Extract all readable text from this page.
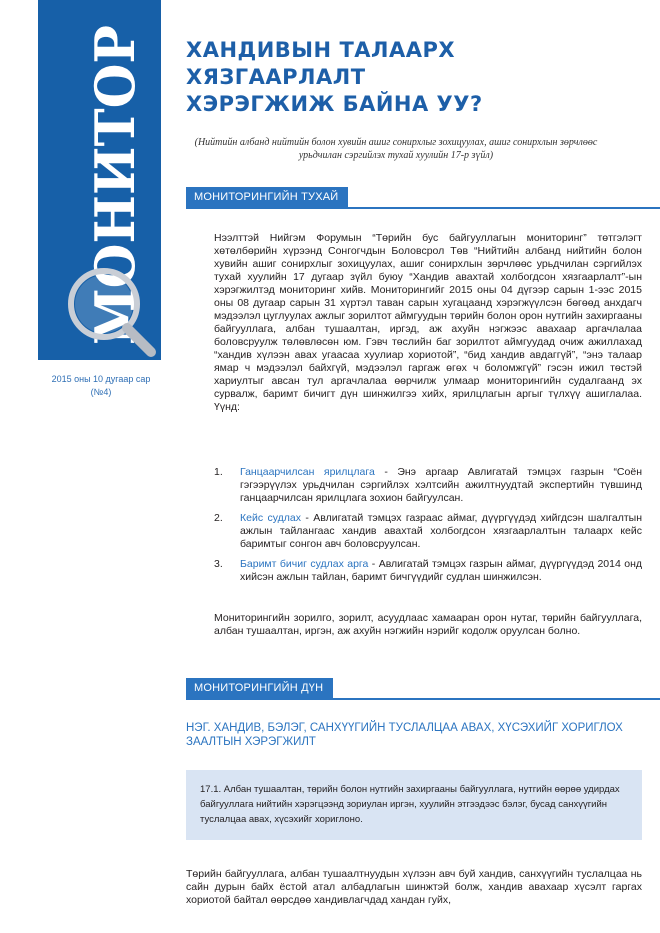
МОНИТОР
2015 оны 10 дугаар сар
(№4)
ХАНДИВЫН ТАЛААРХ ХЯЗГААРЛАЛТ ХЭРЭГЖИЖ БАЙНА УУ?
(Нийтийн албанд нийтийн болон хувийн ашиг сонирхлыг зохицуулах, ашиг сонирхлын зөрчлөөс урьдчилан сэргийлэх тухай хуулийн 17-р зүйл)
МОНИТОРИНГИЙН ТУХАЙ

Нээлттэй Нийгэм Форумын “Төрийн бус байгууллагын мониторинг” төтгэлэгт хөтөлбөрийн хүрээнд Сонгогчдын Боловсрол Төв “Нийтийн албанд нийтийн болон хувийн ашиг сонирхлыг зохицуулах, ашиг сонирхлын зөрчлөөс урьдчилан сэргийлэх тухай хуулийн 17 дугаар зүйл буюу “Хандив авахтай холбогдсон хязгаарлалт”-ын хэрэгжилтэд мониторинг хийв. Мониторингийг 2015 оны 04 дүгээр сарын 1-ээс 2015 оны 08 дугаар сарын 31 хүртэл таван сарын хугацаанд хэрэгжүүлсэн бөгөөд анхдагч мэдээлэл цуглуулах ажлыг зорилтот аймгуудын төрийн болон орон нутгийн захиргааны байгууллага, албан тушаалтан, иргэд, аж ахуйн нэгжээс авахаар аргачлалаа боловсруулж төлөвлөсөн юм. Гэвч төслийн баг зорилтот аймгуудад очиж ажиллахад “хандив хүлээн авах угаасаа хуулиар хориотой”, “бид хандив авдаггүй”, “энэ талаар ямар ч мэдээлэл байхгүй, мэдээлэл гаргаж өгөх ч боломжгүй” гэсэн ижил төстэй хариултыг авсан тул аргачлалаа өөрчилж улмаар мониторингийн судалгаанд эх сурвалж, баримт бичигт дүн шинжилгээ хийх, ярилцлагын аргыг түлхүү ашиглалаа. Үүнд:

1. Ганцаарчилсан ярилцлага - Энэ аргаар Авлигатай тэмцэх газрын “Соён гэгээрүүлэх урьдчилан сэргийлэх хэлтсийн ажилтнуудтай экспертийн түвшинд ганцаарчилсан ярилцлага зохион байгуулсан.
2. Кейс судлах - Авлигатай тэмцэх газраас аймаг, дүүргүүдэд хийгдсэн шалгалтын ажлын тайлангаас хандив авахтай холбогдсон хязгаарлалтын талаарх кейс баримтыг сонгон авч боловсруулсан.
3. Баримт бичиг судлах арга - Авлигатай тэмцэх газрын аймаг, дүүргүүдэд 2014 онд хийсэн ажлын тайлан, баримт бичгүүдийг судлан шинжилсэн.

Мониторингийн зорилго, зорилт, асуудлаас хамааран орон нутаг, төрийн байгууллага, албан тушаалтан, иргэн, аж ахуйн нэгжийн нэрийг кодолж оруулсан болно.

МОНИТОРИНГИЙН ДҮН
НЭГ. ХАНДИВ, БЭЛЭГ, САНХҮҮГИЙН ТУСЛАЛЦАА АВАХ, ХҮСЭХИЙГ ХОРИГЛОХ ЗААЛТЫН ХЭРЭГЖИЛТ
17.1. Албан тушаалтан, төрийн болон нутгийн захиргааны байгууллага, нутгийн өөрөө удирдах байгууллага нийтийн хэрэгцээнд зориулан иргэн, хуулийн этгээдээс бэлэг, бусад санхүүгийн туслалцаа авах, хүсэхийг хориглоно.

Төрийн байгууллага, албан тушаалтнуудын хүлээн авч буй хандив, санхүүгийн туслалцаа нь сайн дурын байх ёстой атал албадлагын шинжтэй болж, хандив авахаар хүсэлт гаргах хориотой байтал өөрсдөө хандивлагчдад хандан гуйх,
